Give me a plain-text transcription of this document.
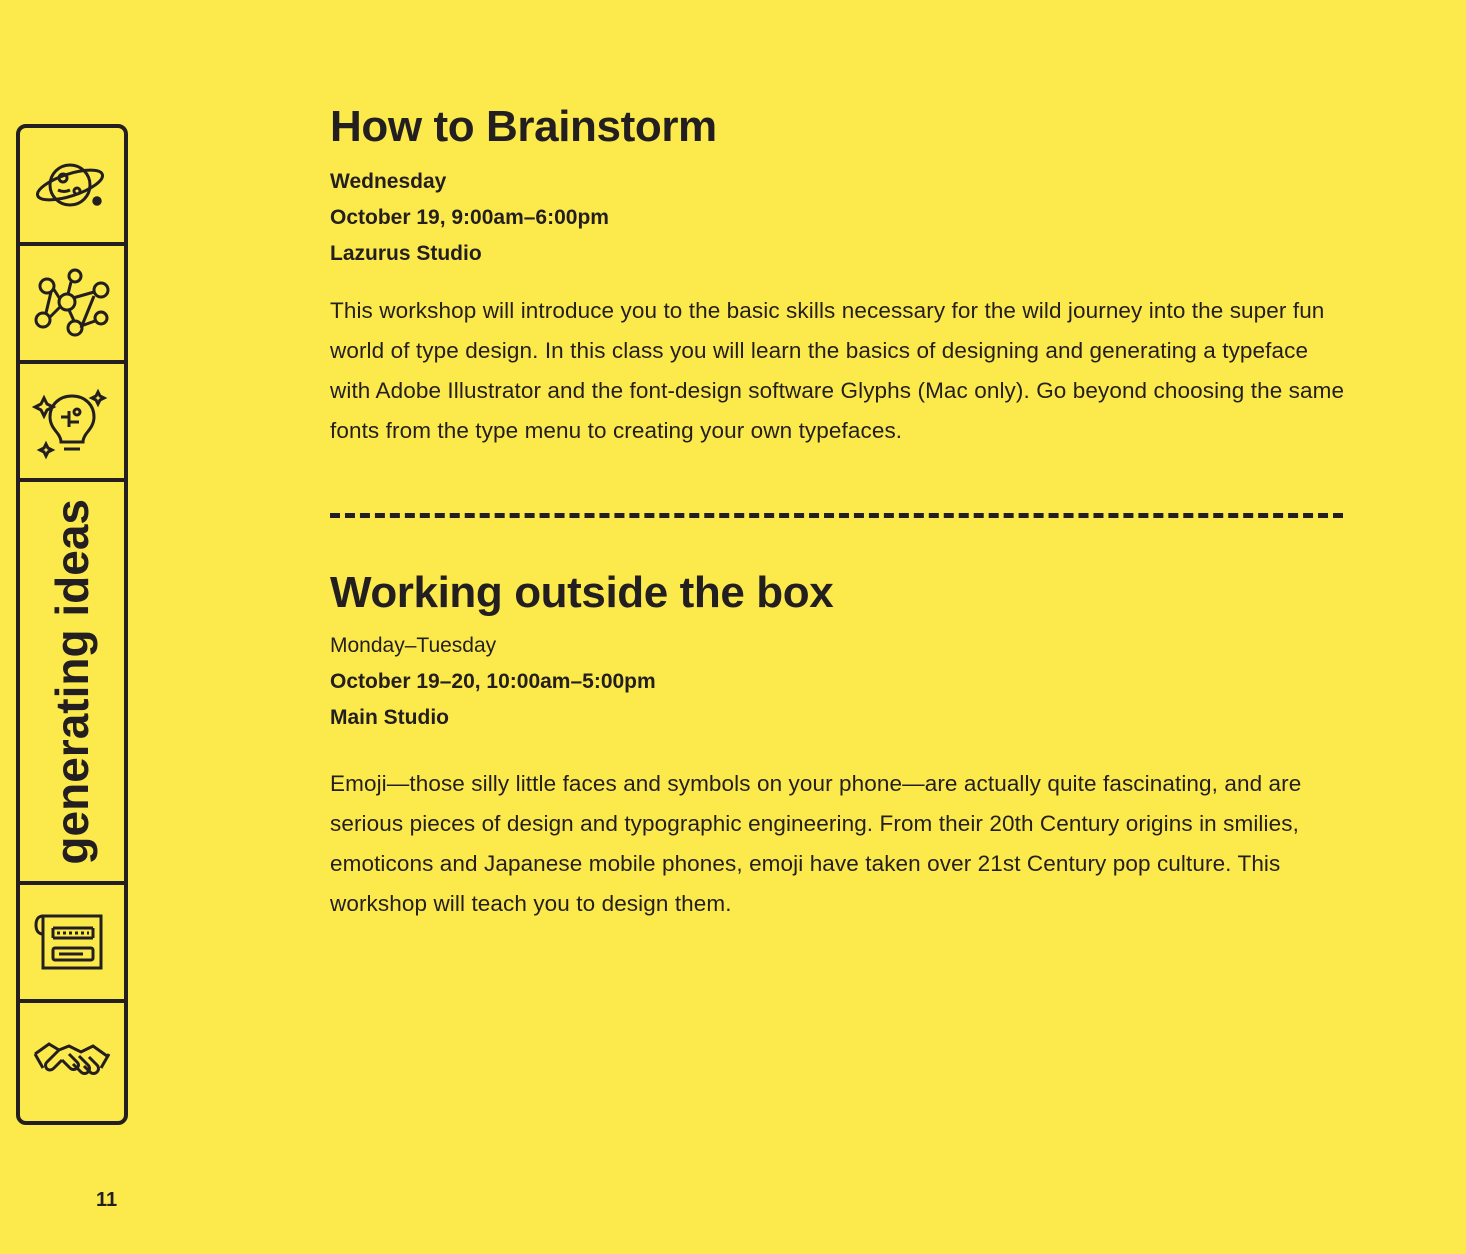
generating ideas
How to Brainstorm
Wednesday
October 19, 9:00am–6:00pm
Lazurus Studio

This workshop will introduce you to the basic skills necessary for the wild journey into the super fun world of type design. In this class you will learn the basics of designing and generating a typeface with Adobe Illustrator and the font-design software Glyphs (Mac only). Go beyond choosing the same fonts from the type menu to creating your own typefaces.

Working outside the box
Monday–Tuesday
October 19–20, 10:00am–5:00pm
Main Studio

Emoji—those silly little faces and symbols on your phone—are actually quite fascinating, and are serious pieces of design and typographic engineering. From their 20th Century origins in smilies, emoticons and Japanese mobile phones, emoji have taken over 21st Century pop culture. This workshop will teach you to design them.

11
